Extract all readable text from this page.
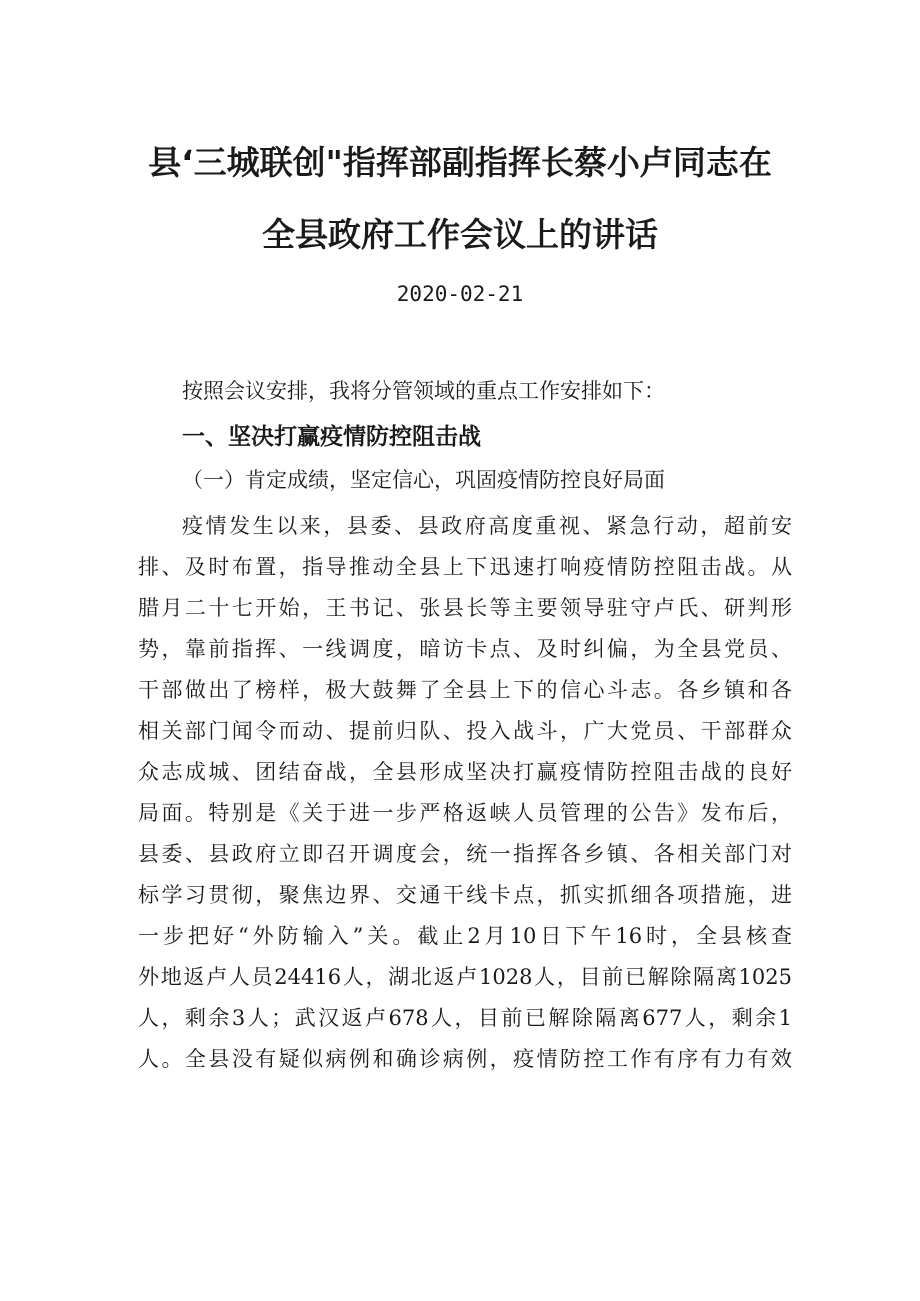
县‘三城联创"指挥部副指挥长蔡小卢同志在
全县政府工作会议上的讲话
2020-02-21
按照会议安排，我将分管领域的重点工作安排如下：
一、坚决打赢疫情防控阻击战
（一）肯定成绩，坚定信心，巩固疫情防控良好局面
疫情发生以来，县委、县政府高度重视、紧急行动，超前安
排、及时布置，指导推动全县上下迅速打响疫情防控阻击战。从
腊月二十七开始，王书记、张县长等主要领导驻守卢氏、研判形
势，靠前指挥、一线调度，暗访卡点、及时纠偏，为全县党员、
干部做出了榜样，极大鼓舞了全县上下的信心斗志。各乡镇和各
相关部门闻令而动、提前归队、投入战斗，广大党员、干部群众
众志成城、团结奋战，全县形成坚决打赢疫情防控阻击战的良好
局面。特别是《关于进一步严格返峡人员管理的公告》发布后，
县委、县政府立即召开调度会，统一指挥各乡镇、各相关部门对
标学习贯彻，聚焦边界、交通干线卡点，抓实抓细各项措施，进
一步把好“外防输入”关。截止2月10日下午16时，全县核查
外地返卢人员24416人，湖北返卢1028人，目前已解除隔离1025
人，剩余3人；武汉返卢678人，目前已解除隔离677人，剩余1
人。全县没有疑似病例和确诊病例，疫情防控工作有序有力有效
